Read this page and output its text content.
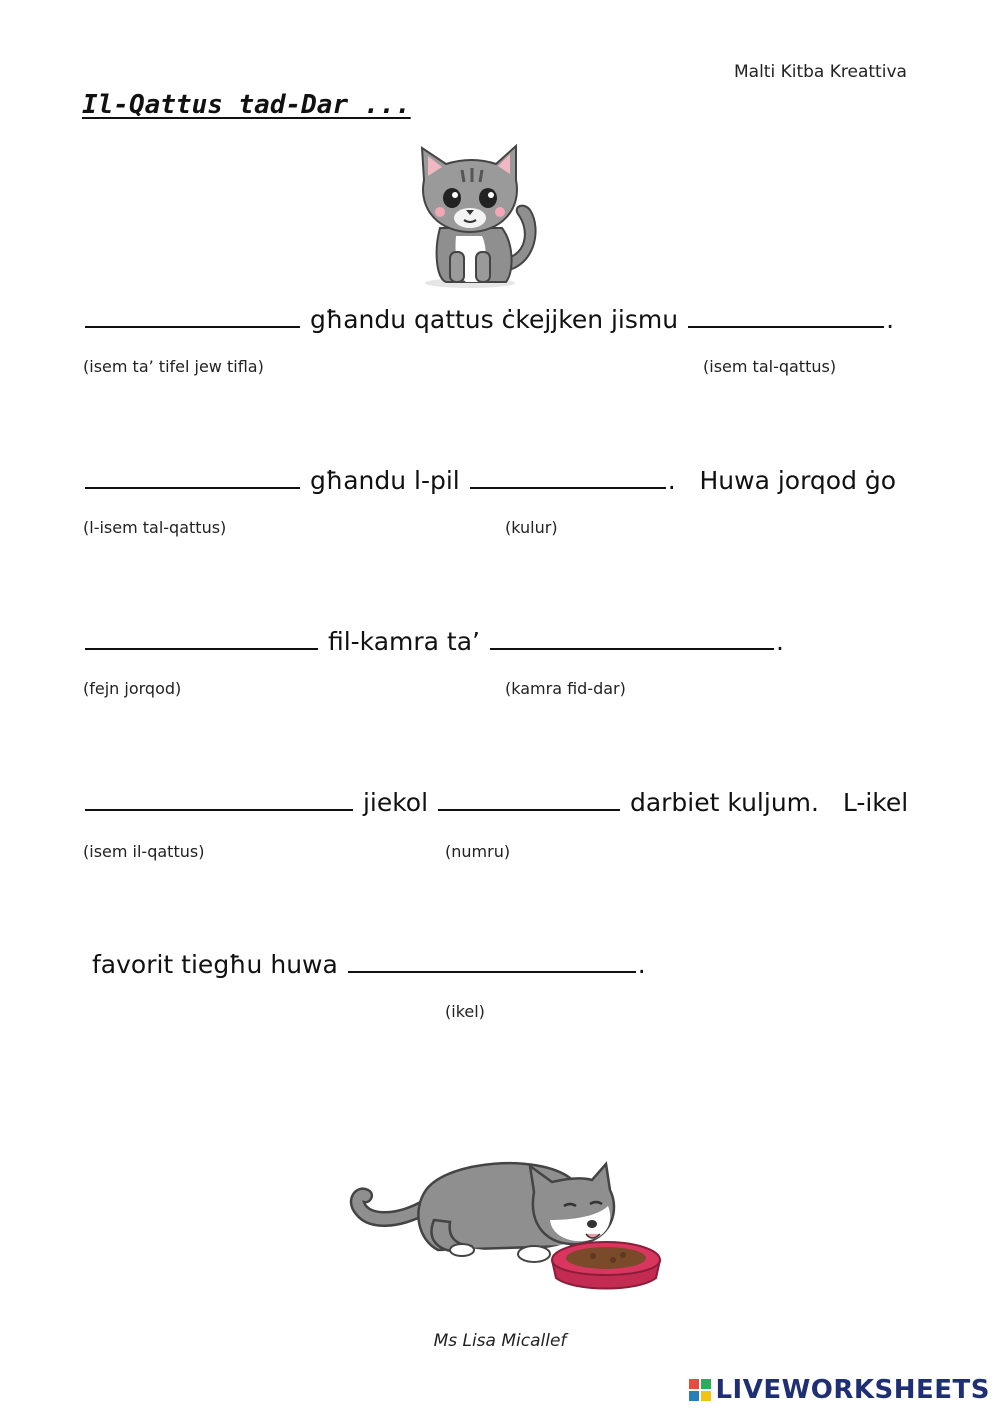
Malti Kitba Kreattiva
Il-Qattus tad-Dar ...
għandu qattus ċkejjken jismu	.
(isem ta’ tifel jew tifla)	(isem tal-qattus)
għandu l-pil	. Huwa jorqod ġo
(l-isem tal-qattus)	(kulur)
fil-kamra ta’	.
(fejn jorqod)	(kamra fid-dar)
jiekol	darbiet kuljum. L-ikel
(isem il-qattus)	(numru)
favorit tiegħu huwa	.
(ikel)
Ms Lisa Micallef
LIVEWORKSHEETS
